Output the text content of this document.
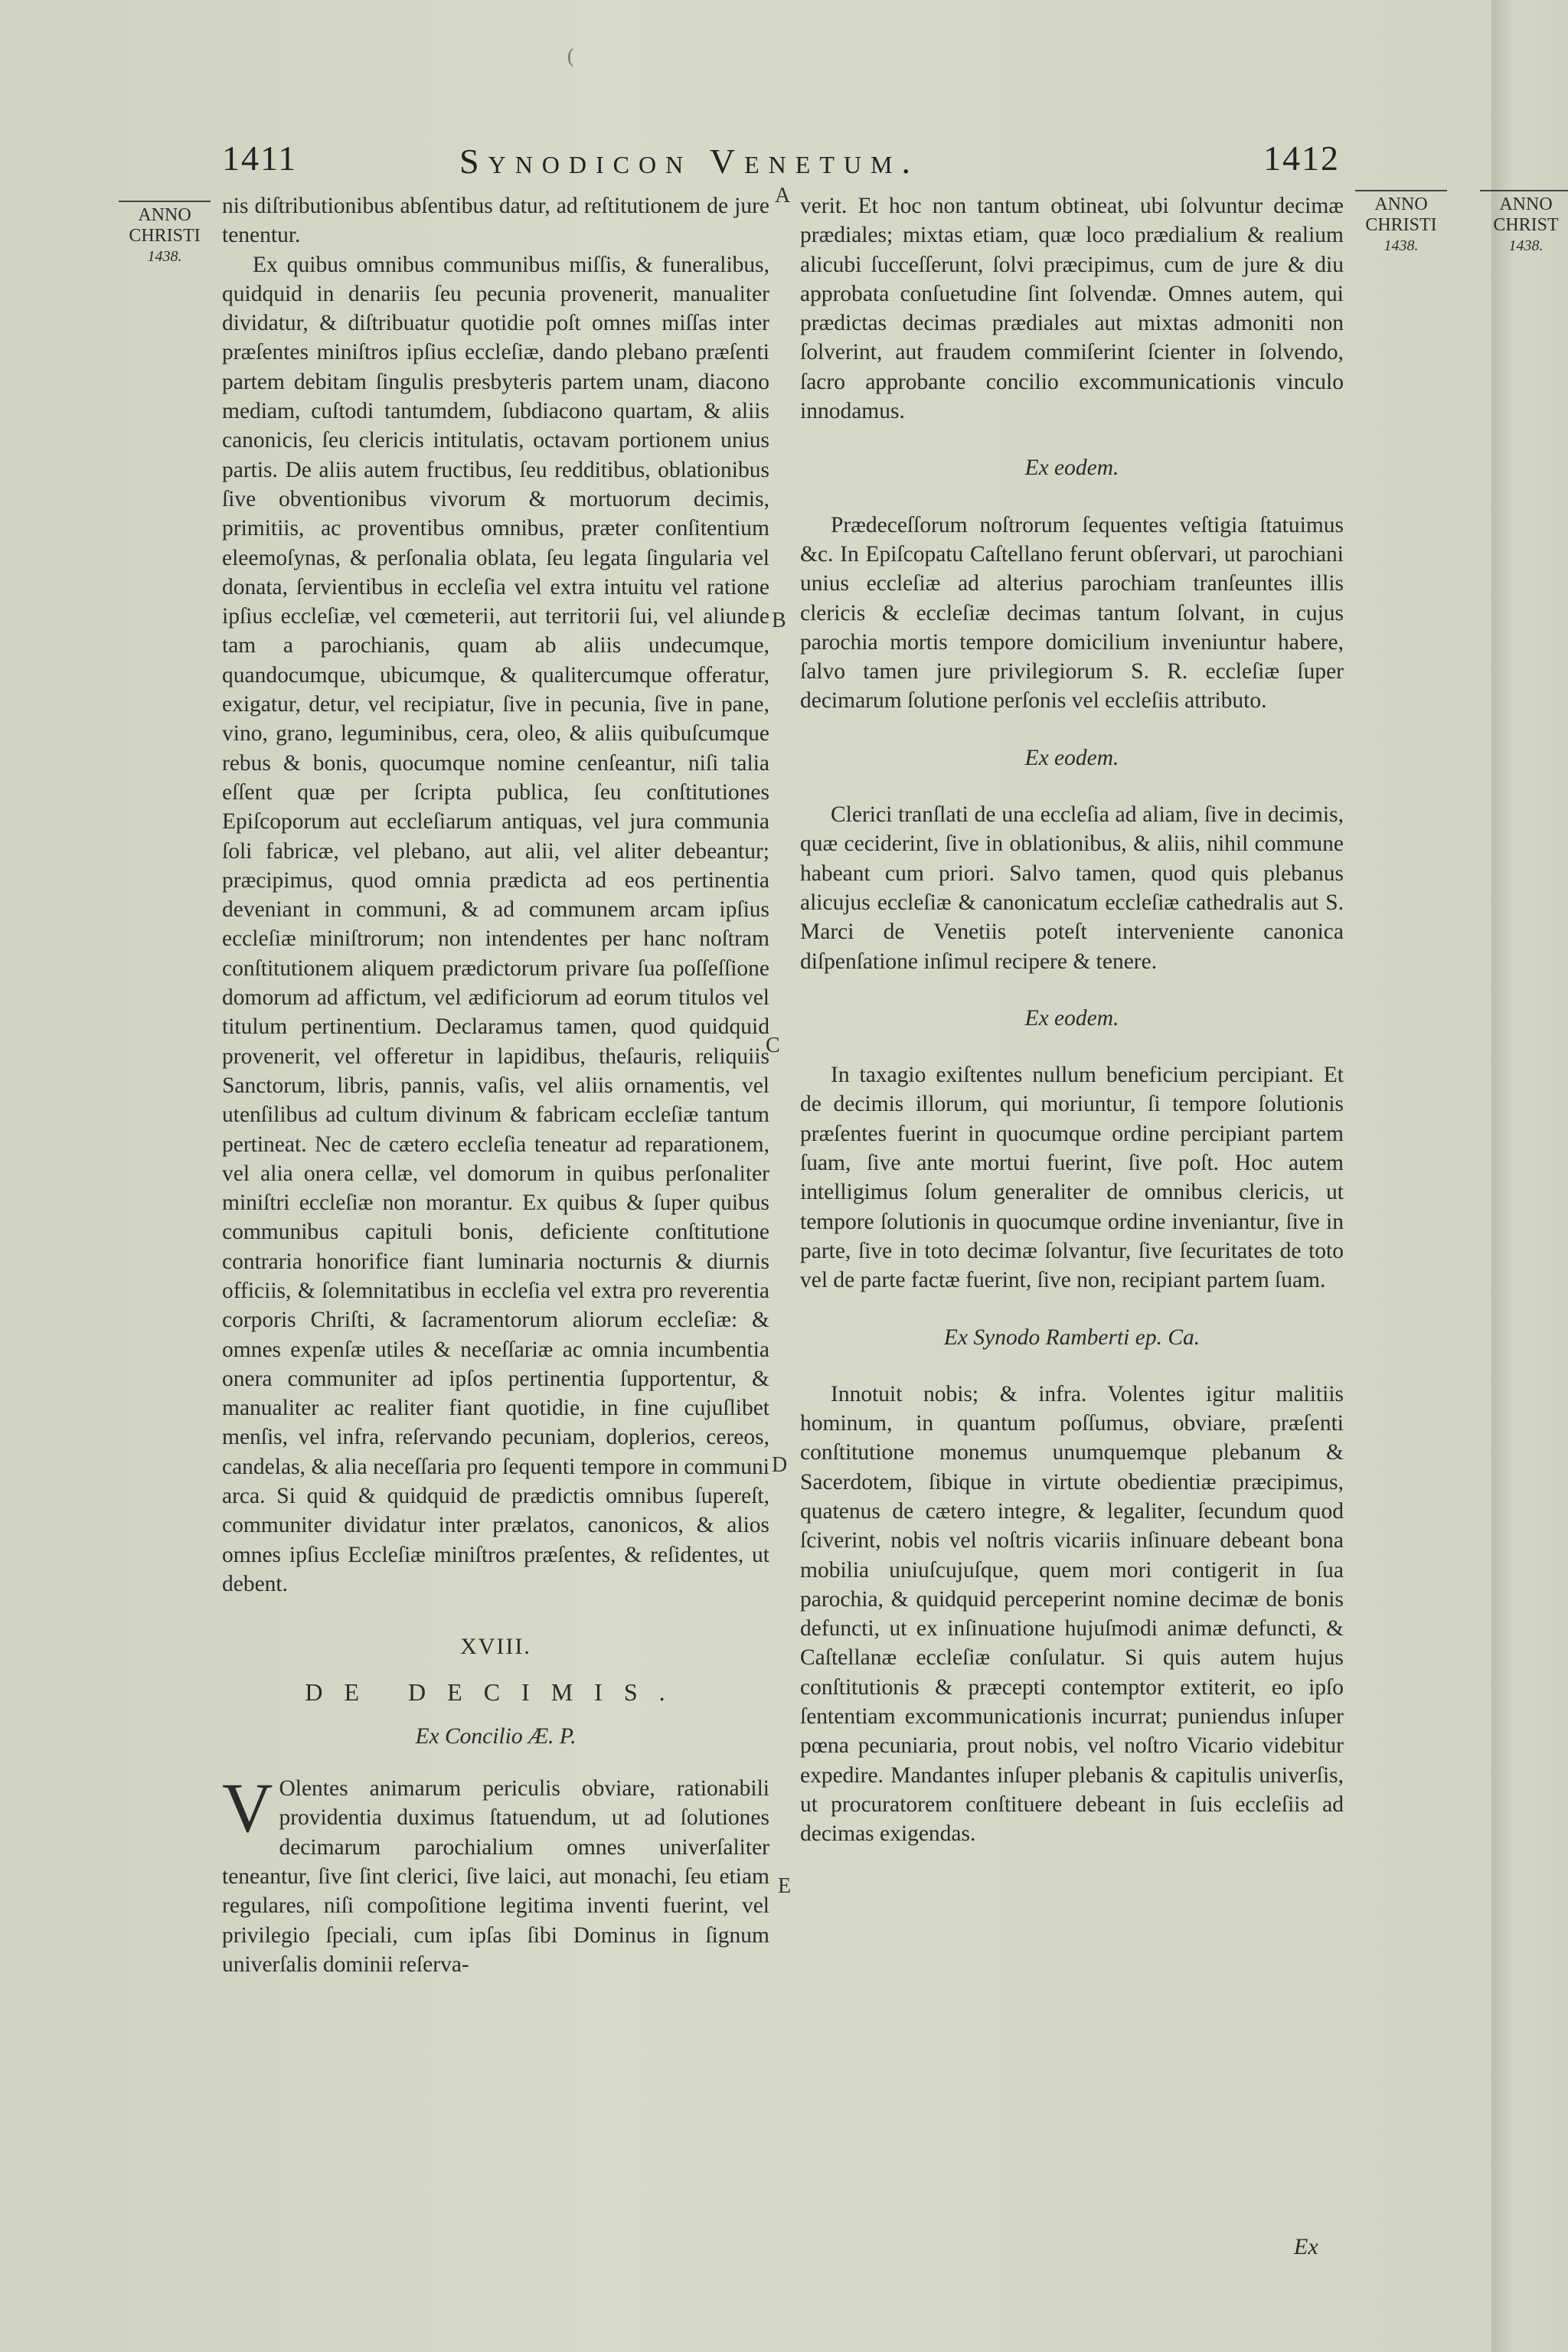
(
1411	Synodicon Venetum.	1412
ANNO
CHRISTI
1438.
ANNO
CHRISTI
1438.
A
B
C
D
E

nis diſtributionibus abſentibus datur, ad reſtitutionem de jure tenentur.

Ex quibus omnibus communibus miſſis, & funeralibus, quidquid in denariis ſeu pecunia provenerit, manualiter dividatur, & diſtribuatur quotidie poſt omnes miſſas inter præſentes miniſtros ipſius eccleſiæ, dando plebano præſenti partem debitam ſingulis presbyteris partem unam, diacono mediam, cuſtodi tantumdem, ſubdiacono quartam, & aliis canonicis, ſeu clericis intitulatis, octavam portionem unius partis. De aliis autem fructibus, ſeu redditibus, oblationibus ſive obventionibus vivorum & mortuorum decimis, primitiis, ac proventibus omnibus, præter conſitentium eleemoſynas, & perſonalia oblata, ſeu legata ſingularia vel donata, ſervientibus in eccleſia vel extra intuitu vel ratione ipſius eccleſiæ, vel cœmeterii, aut territorii ſui, vel aliunde tam a parochianis, quam ab aliis undecumque, quandocumque, ubicumque, & qualitercumque offeratur, exigatur, detur, vel recipiatur, ſive in pecunia, ſive in pane, vino, grano, leguminibus, cera, oleo, & aliis quibuſcumque rebus & bonis, quocumque nomine cenſeantur, niſi talia eſſent quæ per ſcripta publica, ſeu conſtitutiones Epiſcoporum aut eccleſiarum antiquas, vel jura communia ſoli fabricæ, vel plebano, aut alii, vel aliter debeantur; præcipimus, quod omnia prædicta ad eos pertinentia deveniant in communi, & ad communem arcam ipſius eccleſiæ miniſtrorum; non intendentes per hanc noſtram conſtitutionem aliquem prædictorum privare ſua poſſeſſione domorum ad affictum, vel ædificiorum ad eorum titulos vel titulum pertinentium. Declaramus tamen, quod quidquid provenerit, vel offeretur in lapidibus, theſauris, reliquiis Sanctorum, libris, pannis, vaſis, vel aliis ornamentis, vel utenſilibus ad cultum divinum & fabricam eccleſiæ tantum pertineat. Nec de cætero eccleſia teneatur ad reparationem, vel alia onera cellæ, vel domorum in quibus perſonaliter miniſtri eccleſiæ non morantur. Ex quibus & ſuper quibus communibus capituli bonis, deficiente conſtitutione contraria honorifice fiant luminaria nocturnis & diurnis officiis, & ſolemnitatibus in eccleſia vel extra pro reverentia corporis Chriſti, & ſacramentorum aliorum eccleſiæ: & omnes expenſæ utiles & neceſſariæ ac omnia incumbentia onera communiter ad ipſos pertinentia ſupportentur, & manualiter ac realiter fiant quotidie, in fine cujuſlibet menſis, vel infra, reſervando pecuniam, doplerios, cereos, candelas, & alia neceſſaria pro ſequenti tempore in communi arca. Si quid & quidquid de prædictis omnibus ſupereſt, communiter dividatur inter prælatos, canonicos, & alios omnes ipſius Eccleſiæ miniſtros præſentes, & reſidentes, ut debent.

XVIII.
DE DECIMIS.
Ex Concilio Æ. P.

V Olentes animarum periculis obviare, rationabili providentia duximus ſtatuendum, ut ad ſolutiones decimarum parochialium omnes univerſaliter teneantur, ſive ſint clerici, ſive laici, aut monachi, ſeu etiam regulares, niſi compoſitione legitima inventi fuerint, vel privilegio ſpeciali, cum ipſas ſibi Dominus in ſignum univerſalis dominii reſerva-

verit. Et hoc non tantum obtineat, ubi ſolvuntur decimæ prædiales; mixtas etiam, quæ loco prædialium & realium alicubi ſucceſſerunt, ſolvi præcipimus, cum de jure & diu approbata conſuetudine ſint ſolvendæ. Omnes autem, qui prædictas decimas prædiales aut mixtas admoniti non ſolverint, aut fraudem commiſerint ſcienter in ſolvendo, ſacro approbante concilio excommunicationis vinculo innodamus.

Ex eodem.

Prædeceſſorum noſtrorum ſequentes veſtigia ſtatuimus &c. In Epiſcopatu Caſtellano ferunt obſervari, ut parochiani unius eccleſiæ ad alterius parochiam tranſeuntes illis clericis & eccleſiæ decimas tantum ſolvant, in cujus parochia mortis tempore domicilium inveniuntur habere, ſalvo tamen jure privilegiorum S. R. eccleſiæ ſuper decimarum ſolutione perſonis vel eccleſiis attributo.

Ex eodem.

Clerici tranſlati de una eccleſia ad aliam, ſive in decimis, quæ ceciderint, ſive in oblationibus, & aliis, nihil commune habeant cum priori. Salvo tamen, quod quis plebanus alicujus eccleſiæ & canonicatum eccleſiæ cathedralis aut S. Marci de Venetiis poteſt interveniente canonica diſpenſatione inſimul recipere & tenere.

Ex eodem.

In taxagio exiſtentes nullum beneficium percipiant. Et de decimis illorum, qui moriuntur, ſi tempore ſolutionis præſentes fuerint in quocumque ordine percipiant partem ſuam, ſive ante mortui fuerint, ſive poſt. Hoc autem intelligimus ſolum generaliter de omnibus clericis, ut tempore ſolutionis in quocumque ordine inveniantur, ſive in parte, ſive in toto decimæ ſolvantur, ſive ſecuritates de toto vel de parte factæ fuerint, ſive non, recipiant partem ſuam.

Ex Synodo Ramberti ep. Ca.

Innotuit nobis; & infra. Volentes igitur malitiis hominum, in quantum poſſumus, obviare, præſenti conſtitutione monemus unumquemque plebanum & Sacerdotem, ſibique in virtute obedientiæ præcipimus, quatenus de cætero integre, & legaliter, ſecundum quod ſciverint, nobis vel noſtris vicariis inſinuare debeant bona mobilia uniuſcujuſque, quem mori contigerit in ſua parochia, & quidquid perceperint nomine decimæ de bonis defuncti, ut ex inſinuatione hujuſmodi animæ defuncti, & Caſtellanæ eccleſiæ conſulatur. Si quis autem hujus conſtitutionis & præcepti contemptor extiterit, eo ipſo ſententiam excommunicationis incurrat; puniendus inſuper pœna pecuniaria, prout nobis, vel noſtro Vicario videbitur expedire. Mandantes inſuper plebanis & capitulis univerſis, ut procuratorem conſtituere debeant in ſuis eccleſiis ad decimas exigendas.

Ex
ANNO
CHRIST
1438.
